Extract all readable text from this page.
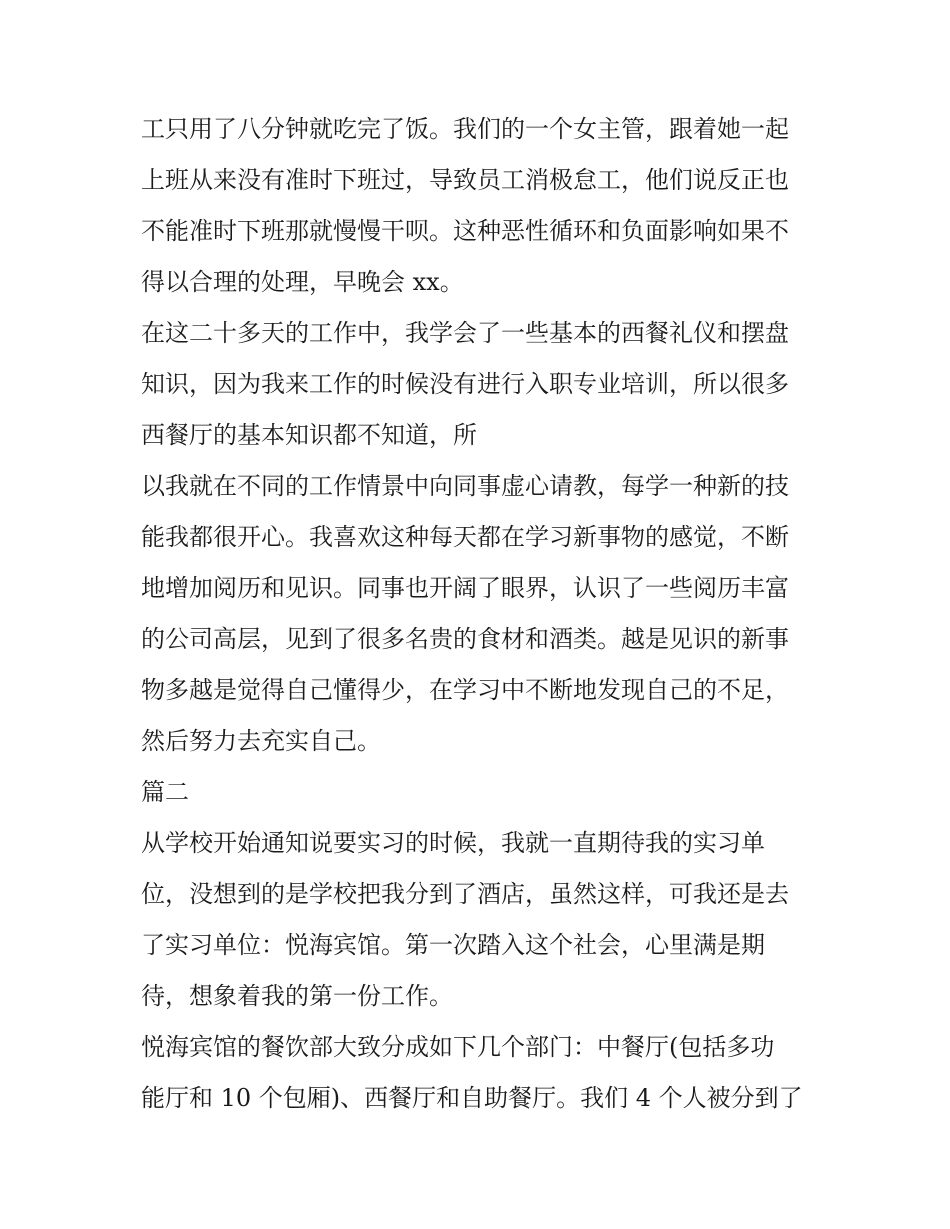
工只用了八分钟就吃完了饭。我们的一个女主管，跟着她一起
上班从来没有准时下班过，导致员工消极怠工，他们说反正也
不能准时下班那就慢慢干呗。这种恶性循环和负面影响如果不
得以合理的处理，早晚会 xx。
在这二十多天的工作中，我学会了一些基本的西餐礼仪和摆盘
知识，因为我来工作的时候没有进行入职专业培训，所以很多
西餐厅的基本知识都不知道，所
以我就在不同的工作情景中向同事虚心请教，每学一种新的技
能我都很开心。我喜欢这种每天都在学习新事物的感觉，不断
地增加阅历和见识。同事也开阔了眼界，认识了一些阅历丰富
的公司高层，见到了很多名贵的食材和酒类。越是见识的新事
物多越是觉得自己懂得少，在学习中不断地发现自己的不足，
然后努力去充实自己。
篇二
从学校开始通知说要实习的时候，我就一直期待我的实习单
位，没想到的是学校把我分到了酒店，虽然这样，可我还是去
了实习单位：悦海宾馆。第一次踏入这个社会，心里满是期
待，想象着我的第一份工作。
悦海宾馆的餐饮部大致分成如下几个部门：中餐厅(包括多功
能厅和 10 个包厢)、西餐厅和自助餐厅。我们 4 个人被分到了
